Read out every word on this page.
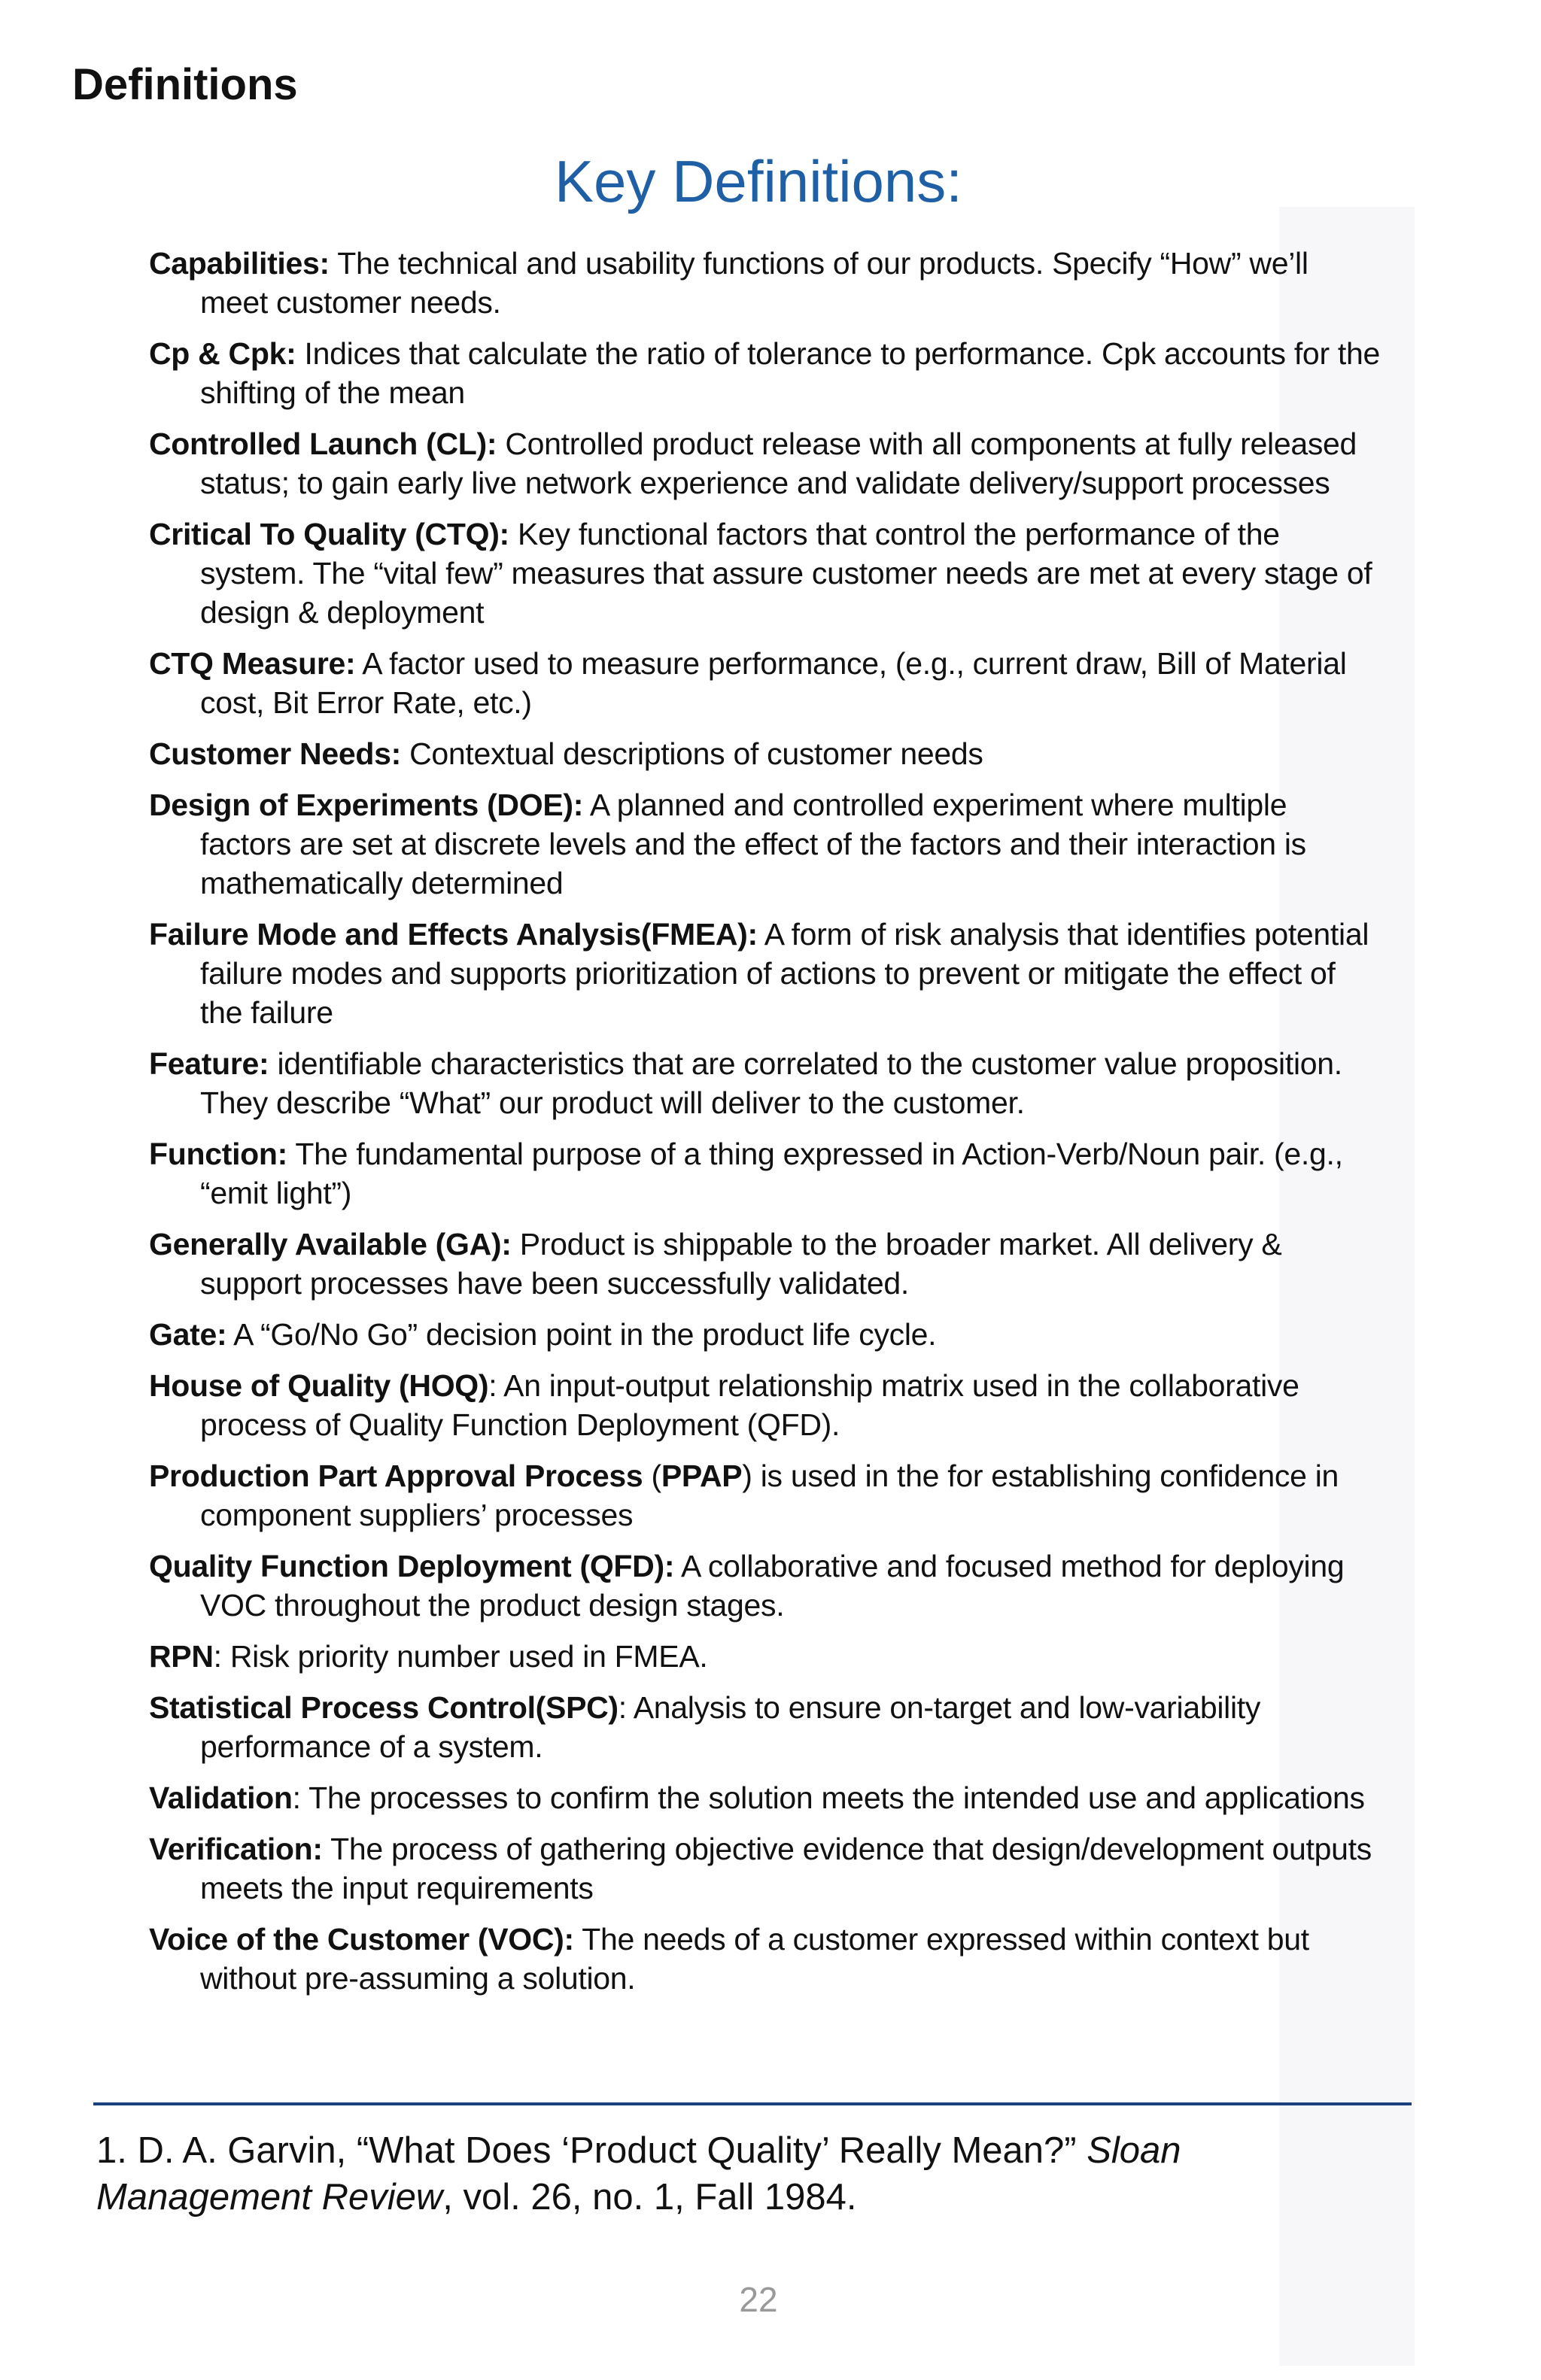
Definitions
Key Definitions:

Capabilities: The technical and usability functions of our products. Specify “How” we’ll meet customer needs.

Cp & Cpk: Indices that calculate the ratio of tolerance to performance. Cpk accounts for the shifting of the mean

Controlled Launch (CL): Controlled product release with all components at fully released status; to gain early live network experience and validate delivery/support processes

Critical To Quality (CTQ): Key functional factors that control the performance of the system. The “vital few” measures that assure customer needs are met at every stage of design & deployment

CTQ Measure: A factor used to measure performance, (e.g., current draw, Bill of Material cost, Bit Error Rate, etc.)

Customer Needs: Contextual descriptions of customer needs

Design of Experiments (DOE): A planned and controlled experiment where multiple factors are set at discrete levels and the effect of the factors and their interaction is mathematically determined

Failure Mode and Effects Analysis(FMEA): A form of risk analysis that identifies potential failure modes and supports prioritization of actions to prevent or mitigate the effect of the failure

Feature: identifiable characteristics that are correlated to the customer value proposition. They describe “What” our product will deliver to the customer.

Function: The fundamental purpose of a thing expressed in Action-Verb/Noun pair. (e.g., “emit light”)

Generally Available (GA): Product is shippable to the broader market. All delivery & support processes have been successfully validated.

Gate: A “Go/No Go” decision point in the product life cycle.

House of Quality (HOQ): An input-output relationship matrix used in the collaborative process of Quality Function Deployment (QFD).

Production Part Approval Process (PPAP) is used in the for establishing confidence in component suppliers’ processes

Quality Function Deployment (QFD): A collaborative and focused method for deploying VOC throughout the product design stages.

RPN: Risk priority number used in FMEA.

Statistical Process Control(SPC): Analysis to ensure on-target and low-variability performance of a system.

Validation: The processes to confirm the solution meets the intended use and applications

Verification: The process of gathering objective evidence that design/development outputs meets the input requirements

Voice of the Customer (VOC): The needs of a customer expressed within context but without pre-assuming a solution.

1. D. A. Garvin, “What Does ‘Product Quality’ Really Mean?” Sloan Management Review, vol. 26, no. 1, Fall 1984.

22
